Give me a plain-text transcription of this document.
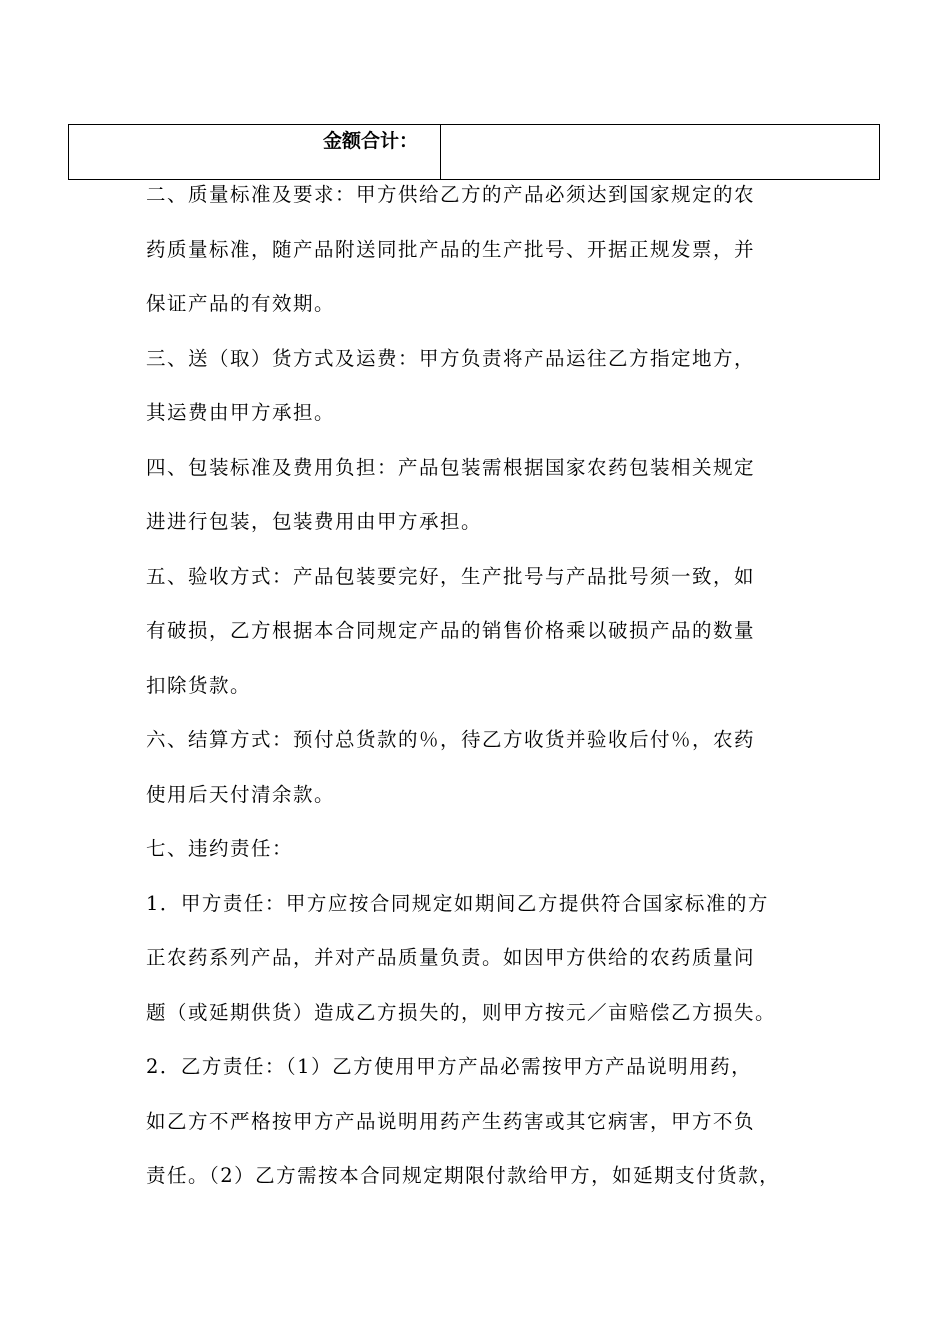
金额合计：
二、质量标准及要求：甲方供给乙方的产品必须达到国家规定的农
药质量标准，随产品附送同批产品的生产批号、开据正规发票，并
保证产品的有效期。
三、送（取）货方式及运费：甲方负责将产品运往乙方指定地方，
其运费由甲方承担。
四、包装标准及费用负担：产品包装需根据国家农药包装相关规定
进进行包装，包装费用由甲方承担。
五、验收方式：产品包装要完好，生产批号与产品批号须一致，如
有破损，乙方根据本合同规定产品的销售价格乘以破损产品的数量
扣除货款。
六、结算方式：预付总货款的％，待乙方收货并验收后付％，农药
使用后天付清余款。
七、违约责任：
1．甲方责任：甲方应按合同规定如期间乙方提供符合国家标准的方
正农药系列产品，并对产品质量负责。如因甲方供给的农药质量问
题（或延期供货）造成乙方损失的，则甲方按元／亩赔偿乙方损失。
2．乙方责任：（1）乙方使用甲方产品必需按甲方产品说明用药，
如乙方不严格按甲方产品说明用药产生药害或其它病害，甲方不负
责任。（2）乙方需按本合同规定期限付款给甲方，如延期支付货款，
